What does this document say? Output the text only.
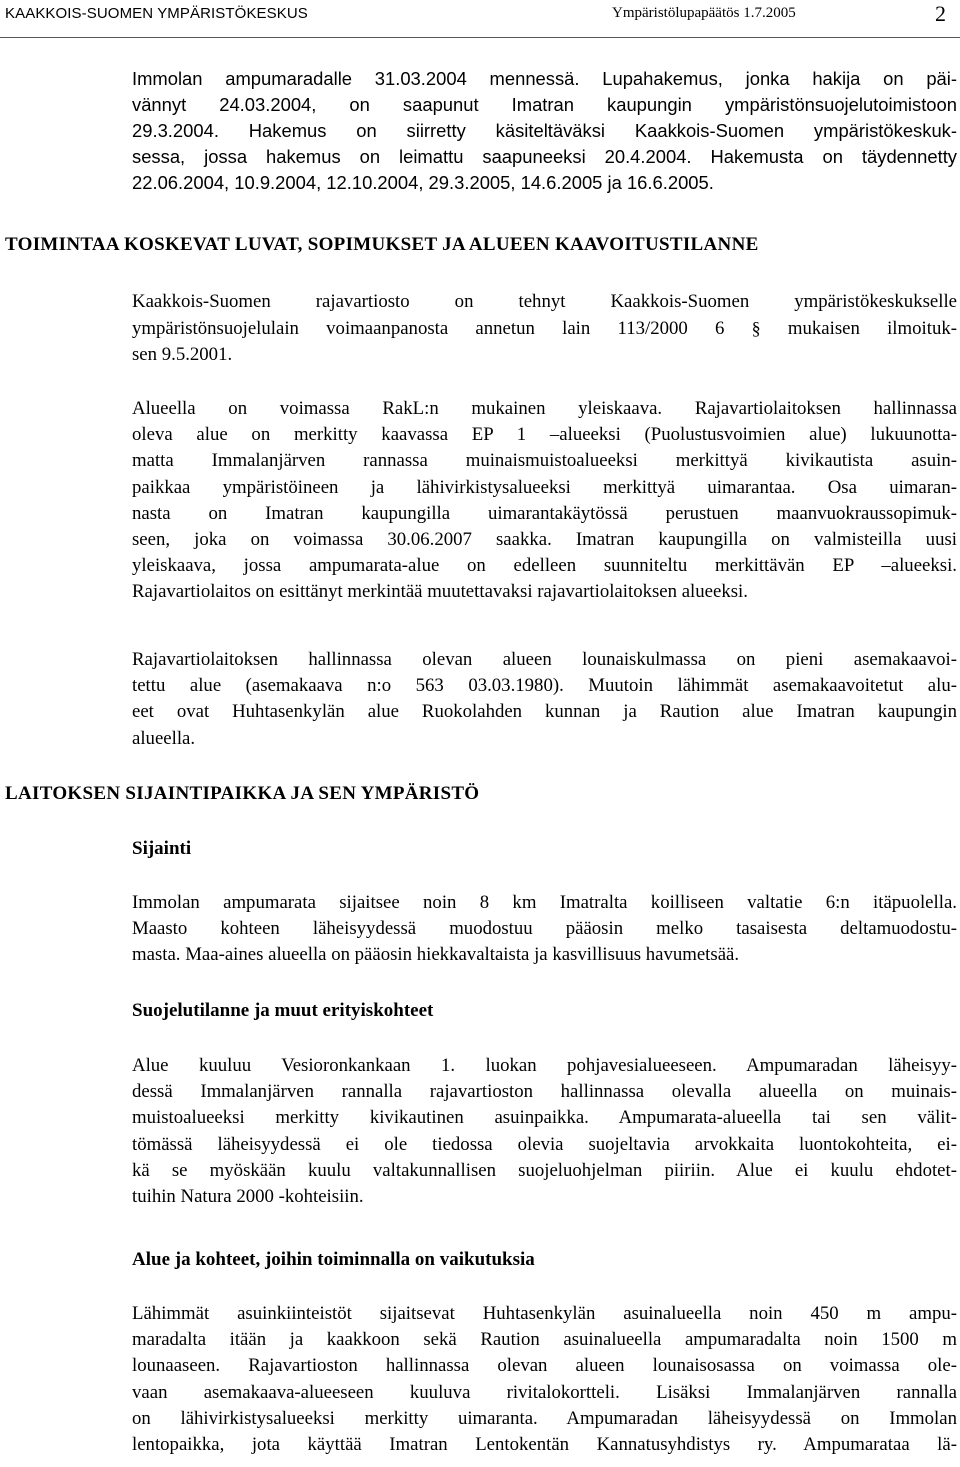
KAAKKOIS-SUOMEN YMPÄRISTÖKESKUS	Ympäristölupapäätös 1.7.2005	2
Immolan ampumaradalle 31.03.2004 mennessä. Lupahakemus, jonka hakija on päi-
vännyt 24.03.2004, on saapunut Imatran kaupungin ympäristönsuojelutoimistoon
29.3.2004. Hakemus on siirretty käsiteltäväksi Kaakkois-Suomen ympäristökeskuk-
sessa, jossa hakemus on leimattu saapuneeksi 20.4.2004. Hakemusta on täydennetty
22.06.2004, 10.9.2004, 12.10.2004, 29.3.2005, 14.6.2005 ja 16.6.2005.
TOIMINTAA KOSKEVAT LUVAT, SOPIMUKSET JA ALUEEN KAAVOITUSTILANNE
Kaakkois-Suomen rajavartiosto on tehnyt Kaakkois-Suomen ympäristökeskukselle
ympäristönsuojelulain voimaanpanosta annetun lain 113/2000 6 § mukaisen ilmoituk-
sen 9.5.2001.
Alueella on voimassa RakL:n mukainen yleiskaava. Rajavartiolaitoksen hallinnassa
oleva alue on merkitty kaavassa EP 1 –alueeksi (Puolustusvoimien alue) lukuunotta-
matta Immalanjärven rannassa muinaismuistoalueeksi merkittyä kivikautista asuin-
paikkaa ympäristöineen ja lähivirkistysalueeksi merkittyä uimarantaa. Osa uimaran-
nasta on Imatran kaupungilla uimarantakäytössä perustuen maanvuokraussopimuk-
seen, joka on voimassa 30.06.2007 saakka. Imatran kaupungilla on valmisteilla uusi
yleiskaava, jossa ampumarata-alue on edelleen suunniteltu merkittävän EP –alueeksi.
Rajavartiolaitos on esittänyt merkintää muutettavaksi rajavartiolaitoksen alueeksi.
Rajavartiolaitoksen hallinnassa olevan alueen lounaiskulmassa on pieni asemakaavoi-
tettu alue (asemakaava n:o 563 03.03.1980). Muutoin lähimmät asemakaavoitetut alu-
eet ovat Huhtasenkylän alue Ruokolahden kunnan ja Raution alue Imatran kaupungin
alueella.
LAITOKSEN SIJAINTIPAIKKA JA SEN YMPÄRISTÖ
Sijainti
Immolan ampumarata sijaitsee noin 8 km Imatralta koilliseen valtatie 6:n itäpuolella.
Maasto kohteen läheisyydessä muodostuu pääosin melko tasaisesta deltamuodostu-
masta. Maa-aines alueella on pääosin hiekkavaltaista ja kasvillisuus havumetsää.
Suojelutilanne ja muut erityiskohteet
Alue kuuluu Vesioronkankaan 1. luokan pohjavesialueeseen. Ampumaradan läheisyy-
dessä Immalanjärven rannalla rajavartioston hallinnassa olevalla alueella on muinais-
muistoalueeksi merkitty kivikautinen asuinpaikka. Ampumarata-alueella tai sen välit-
tömässä läheisyydessä ei ole tiedossa olevia suojeltavia arvokkaita luontokohteita, ei-
kä se myöskään kuulu valtakunnallisen suojeluohjelman piiriin. Alue ei kuulu ehdotet-
tuihin Natura 2000 -kohteisiin.
Alue ja kohteet, joihin toiminnalla on vaikutuksia
Lähimmät asuinkiinteistöt sijaitsevat Huhtasenkylän asuinalueella noin 450 m ampu-
maradalta itään ja kaakkoon sekä Raution asuinalueella ampumaradalta noin 1500 m
lounaaseen. Rajavartioston hallinnassa olevan alueen lounaisosassa on voimassa ole-
vaan asemakaava-alueeseen kuuluva rivitalokortteli. Lisäksi Immalanjärven rannalla
on lähivirkistysalueeksi merkitty uimaranta. Ampumaradan läheisyydessä on Immolan
lentopaikka, jota käyttää Imatran Lentokentän Kannatusyhdistys ry. Ampumarataa lä-
